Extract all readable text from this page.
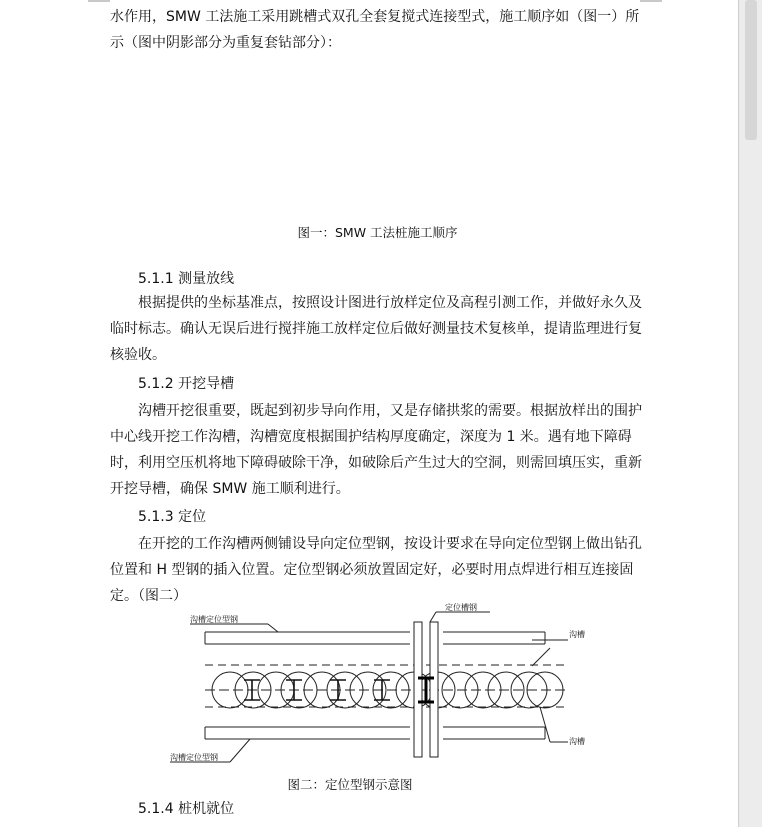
水作用，SMW 工法施工采用跳槽式双孔全套复搅式连接型式，施工顺序如（图一）所示（图中阴影部分为重复套钻部分）：

图一：SMW 工法桩施工顺序

5.1.1 测量放线

根据提供的坐标基准点，按照设计图进行放样定位及高程引测工作，并做好永久及临时标志。确认无误后进行搅拌施工放样定位后做好测量技术复核单，提请监理进行复核验收。

5.1.2 开挖导槽

沟槽开挖很重要，既起到初步导向作用，又是存储拱浆的需要。根据放样出的围护中心线开挖工作沟槽，沟槽宽度根据围护结构厚度确定，深度为 1 米。遇有地下障碍时，利用空压机将地下障碍破除干净，如破除后产生过大的空洞，则需回填压实，重新开挖导槽，确保 SMW 施工顺利进行。

5.1.3 定位

在开挖的工作沟槽两侧铺设导向定位型钢，按设计要求在导向定位型钢上做出钻孔位置和 H 型钢的插入位置。定位型钢必须放置固定好，必要时用点焊进行相互连接固定。（图二）

沟槽定位型钢
定位槽钢
沟槽
沟槽定位型钢
沟槽

图二：定位型钢示意图

5.1.4 桩机就位
